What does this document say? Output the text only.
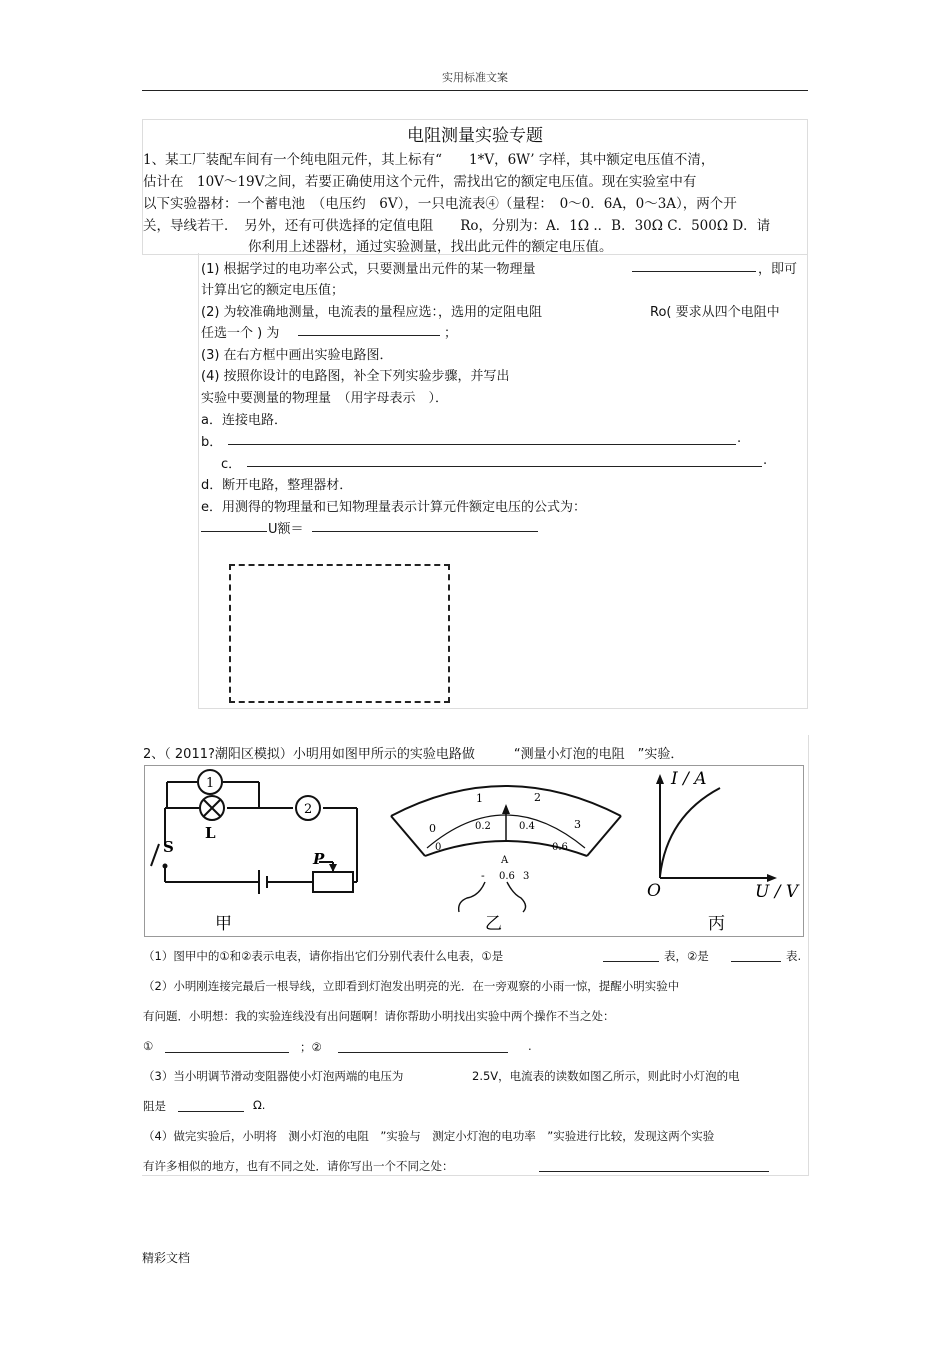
实用标准文案
电阻测量实验专题
1、某工厂装配车间有一个纯电阻元件，其上标有“　　1*V，6W’ 字样，其中额定电压值不清，
估计在　10V～19V之间，若要正确使用这个元件，需找出它的额定电压值。现在实验室中有
以下实验器材：一个蓄电池　（电压约　6V），一只电流表④（量程：　0～0．6A，0～3A），两个开
关，导线若干．　另外，还有可供选择的定值电阻　　Ro，分别为：A．1Ω .．B．30Ω C．500Ω D．请
你利用上述器材，通过实验测量，找出此元件的额定电压值。
(1) 根据学过的电功率公式，只要测量出元件的某一物理量	，即可
计算出它的额定电压值；
(2) 为较准确地测量，电流表的量程应选：，选用的定阻电阻	Ro( 要求从四个电阻中
任选一个 ) 为	；
(3) 在右方框中画出实验电路图．
(4) 按照你设计的电路图，补全下列实验步骤，并写出
实验中要测量的物理量　（用字母表示　）．
a．连接电路．
b．	.
c．	.
d．断开电路，整理器材．
e．用测得的物理量和已知物理量表示计算元件额定电压的公式为：
U额＝
2、（ 2011?潮阳区模拟）小明用如图甲所示的实验电路做　　　“测量小灯泡的电阻　”实验．
1
2
L
S
P
0
1	2
3
0
0.2	0.4
0.6
A
- 0.6 3
I / A
U / V
O
甲	乙	丙
（1）图甲中的①和②表示电表，请你指出它们分别代表什么电表，①是	表，②是	表.
（2）小明刚连接完最后一根导线，立即看到灯泡发出明亮的光．在一旁观察的小雨一惊，提醒小明实验中
有问题．小明想：我的实验连线没有出问题啊！请你帮助小明找出实验中两个操作不当之处：
①	；②	.
（3）当小明调节滑动变阻器使小灯泡两端的电压为	2.5V，电流表的读数如图乙所示，则此时小灯泡的电
阻是	Ω.
（4）做完实验后，小明将　测小灯泡的电阻　”实验与　测定小灯泡的电功率　”实验进行比较，发现这两个实验
有许多相似的地方，也有不同之处．请你写出一个不同之处：
精彩文档
